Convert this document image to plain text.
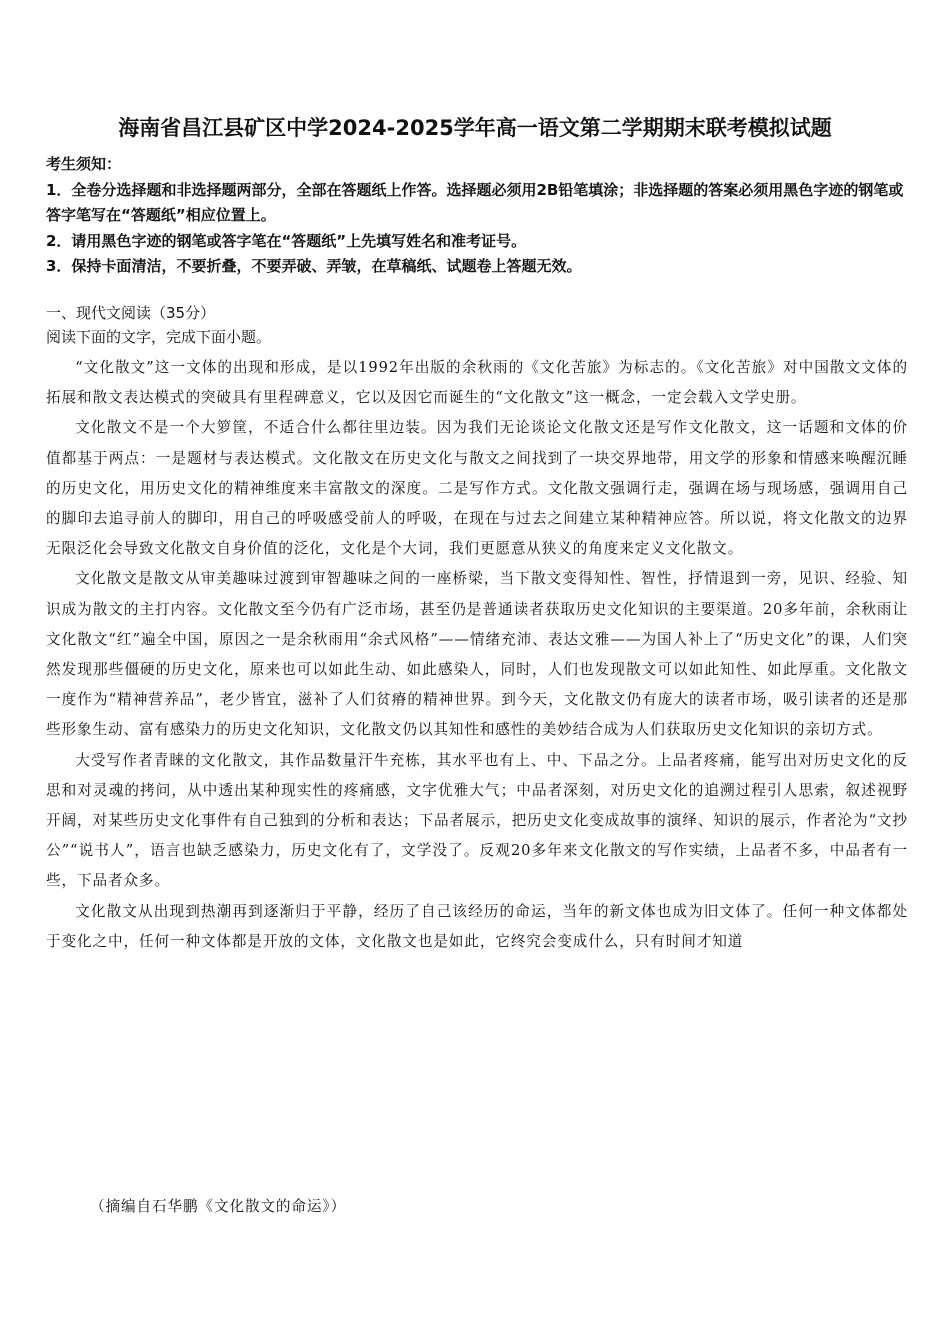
海南省昌江县矿区中学2024-2025学年高一语文第二学期期末联考模拟试题

考生须知：

1．全卷分选择题和非选择题两部分，全部在答题纸上作答。选择题必须用2B铅笔填涂；非选择题的答案必须用黑色字迹的钢笔或答字笔写在“答题纸”相应位置上。

2．请用黑色字迹的钢笔或答字笔在“答题纸”上先填写姓名和准考证号。

3．保持卡面清洁，不要折叠，不要弄破、弄皱，在草稿纸、试题卷上答题无效。

一、现代文阅读（35分）
阅读下面的文字，完成下面小题。

“文化散文”这一文体的出现和形成，是以1992年出版的余秋雨的《文化苦旅》为标志的。《文化苦旅》对中国散文文体的拓展和散文表达模式的突破具有里程碑意义，它以及因它而诞生的“文化散文”这一概念，一定会载入文学史册。

文化散文不是一个大箩筐，不适合什么都往里边装。因为我们无论谈论文化散文还是写作文化散文，这一话题和文体的价值都基于两点：一是题材与表达模式。文化散文在历史文化与散文之间找到了一块交界地带，用文学的形象和情感来唤醒沉睡的历史文化，用历史文化的精神维度来丰富散文的深度。二是写作方式。文化散文强调行走，强调在场与现场感，强调用自己的脚印去追寻前人的脚印，用自己的呼吸感受前人的呼吸，在现在与过去之间建立某种精神应答。所以说，将文化散文的边界无限泛化会导致文化散文自身价值的泛化，文化是个大词，我们更愿意从狭义的角度来定义文化散文。

文化散文是散文从审美趣味过渡到审智趣味之间的一座桥梁，当下散文变得知性、智性，抒情退到一旁，见识、经验、知识成为散文的主打内容。文化散文至今仍有广泛市场，甚至仍是普通读者获取历史文化知识的主要渠道。20多年前，余秋雨让文化散文“红”遍全中国，原因之一是余秋雨用“余式风格”——情绪充沛、表达文雅——为国人补上了“历史文化”的课，人们突然发现那些僵硬的历史文化，原来也可以如此生动、如此感染人，同时，人们也发现散文可以如此知性、如此厚重。文化散文一度作为“精神营养品”，老少皆宜，滋补了人们贫瘠的精神世界。到今天，文化散文仍有庞大的读者市场，吸引读者的还是那些形象生动、富有感染力的历史文化知识，文化散文仍以其知性和感性的美妙结合成为人们获取历史文化知识的亲切方式。

大受写作者青睐的文化散文，其作品数量汗牛充栋，其水平也有上、中、下品之分。上品者疼痛，能写出对历史文化的反思和对灵魂的拷问，从中透出某种现实性的疼痛感，文字优雅大气；中品者深刻，对历史文化的追溯过程引人思索，叙述视野开阔，对某些历史文化事件有自己独到的分析和表达；下品者展示，把历史文化变成故事的演绎、知识的展示，作者沦为“文抄公”“说书人”，语言也缺乏感染力，历史文化有了，文学没了。反观20多年来文化散文的写作实绩，上品者不多，中品者有一些，下品者众多。

文化散文从出现到热潮再到逐渐归于平静，经历了自己该经历的命运，当年的新文体也成为旧文体了。任何一种文体都处于变化之中，任何一种文体都是开放的文体，文化散文也是如此，它终究会变成什么，只有时间才知道

（摘编自石华鹏《文化散文的命运》）
